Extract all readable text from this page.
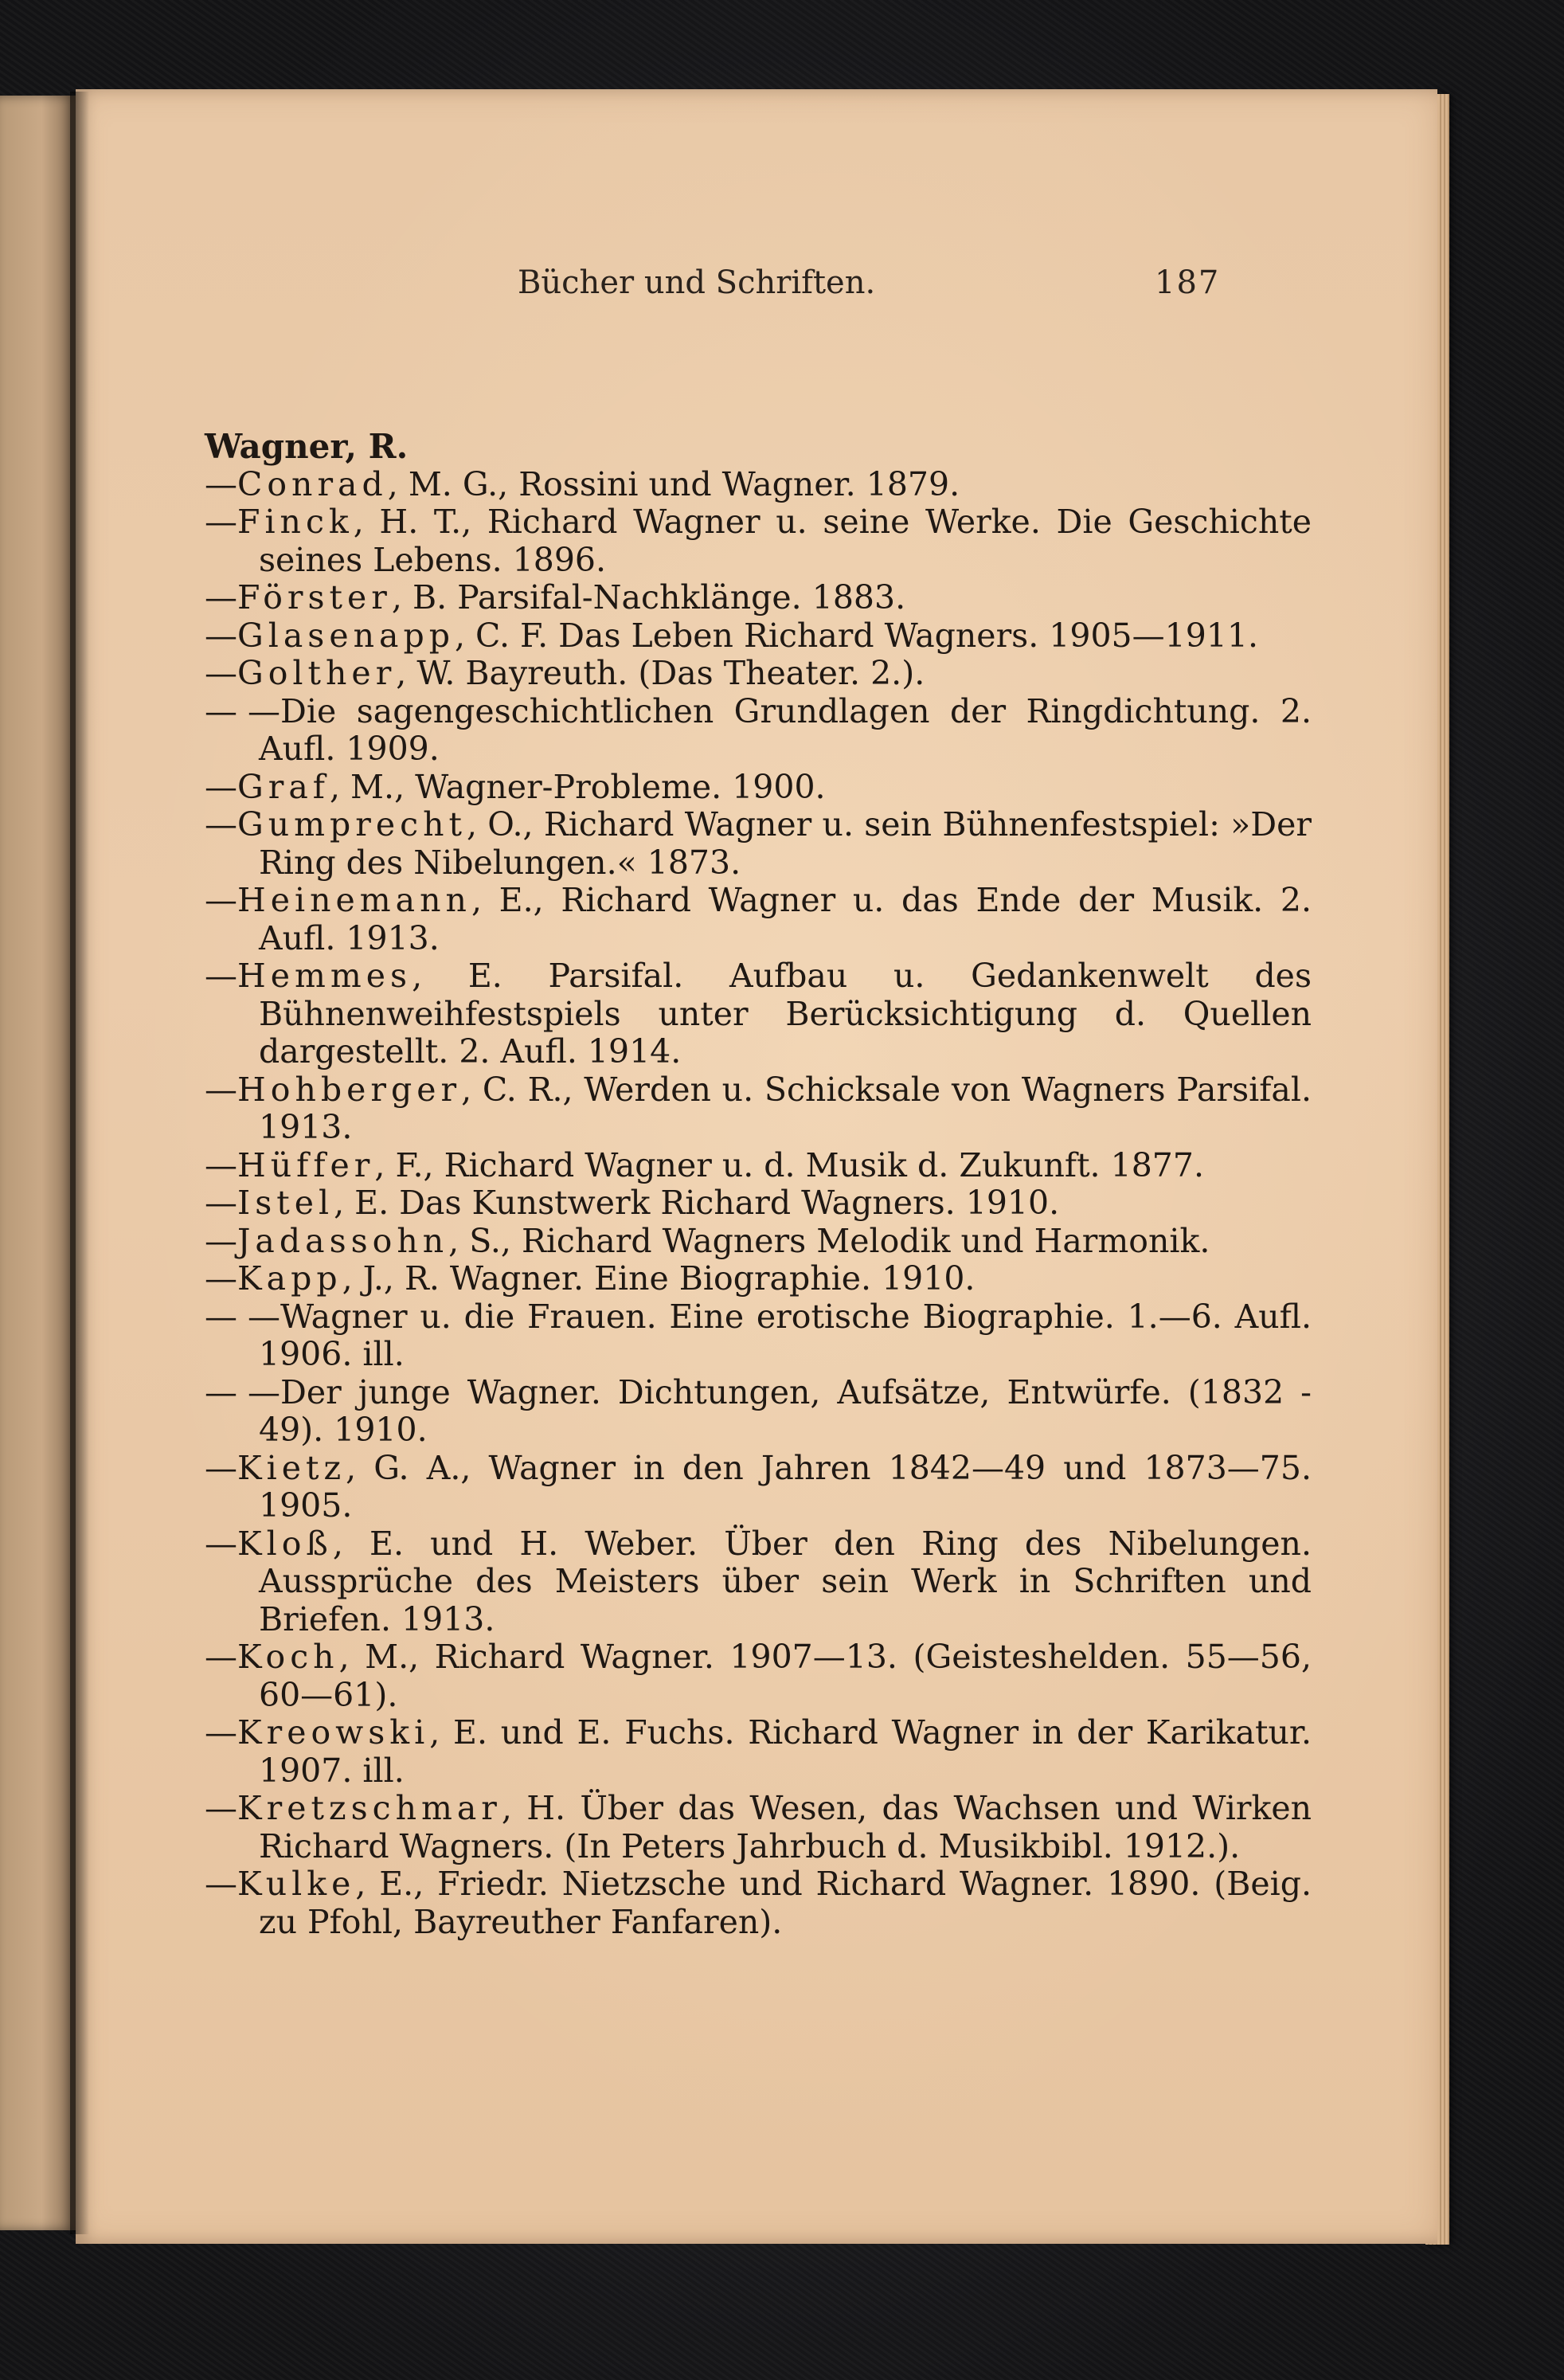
Bücher und Schriften.	187
Wagner, R.
—Conrad, M. G., Rossini und Wagner. 1879.
—Finck, H. T., Richard Wagner u. seine Werke. Die Geschichte seines Lebens. 1896.
—Förster, B. Parsifal-Nachklänge. 1883.
—Glasenapp, C. F. Das Leben Richard Wagners. 1905—1911.
—Golther, W. Bayreuth. (Das Theater. 2.).
— —Die sagengeschichtlichen Grundlagen der Ringdichtung. 2. Aufl. 1909.
—Graf, M., Wagner-Probleme. 1900.
—Gumprecht, O., Richard Wagner u. sein Bühnenfestspiel: »Der Ring des Nibelungen.« 1873.
—Heinemann, E., Richard Wagner u. das Ende der Musik. 2. Aufl. 1913.
—Hemmes, E. Parsifal. Aufbau u. Gedankenwelt des Bühnenweihfestspiels unter Berücksichtigung d. Quellen dargestellt. 2. Aufl. 1914.
—Hohberger, C. R., Werden u. Schicksale von Wagners Parsifal. 1913.
—Hüffer, F., Richard Wagner u. d. Musik d. Zukunft. 1877.
—Istel, E. Das Kunstwerk Richard Wagners. 1910.
—Jadassohn, S., Richard Wagners Melodik und Harmonik.
—Kapp, J., R. Wagner. Eine Biographie. 1910.
— —Wagner u. die Frauen. Eine erotische Biographie. 1.—6. Aufl. 1906. ill.
— —Der junge Wagner. Dichtungen, Aufsätze, Entwürfe. (1832 - 49). 1910.
—Kietz, G. A., Wagner in den Jahren 1842—49 und 1873—75. 1905.
—Kloß, E. und H. Weber. Über den Ring des Nibelungen. Aussprüche des Meisters über sein Werk in Schriften und Briefen. 1913.
—Koch, M., Richard Wagner. 1907—13. (Geisteshelden. 55—56, 60—61).
—Kreowski, E. und E. Fuchs. Richard Wagner in der Karikatur. 1907. ill.
—Kretzschmar, H. Über das Wesen, das Wachsen und Wirken Richard Wagners. (In Peters Jahrbuch d. Musikbibl. 1912.).
—Kulke, E., Friedr. Nietzsche und Richard Wagner. 1890. (Beig. zu Pfohl, Bayreuther Fanfaren).
